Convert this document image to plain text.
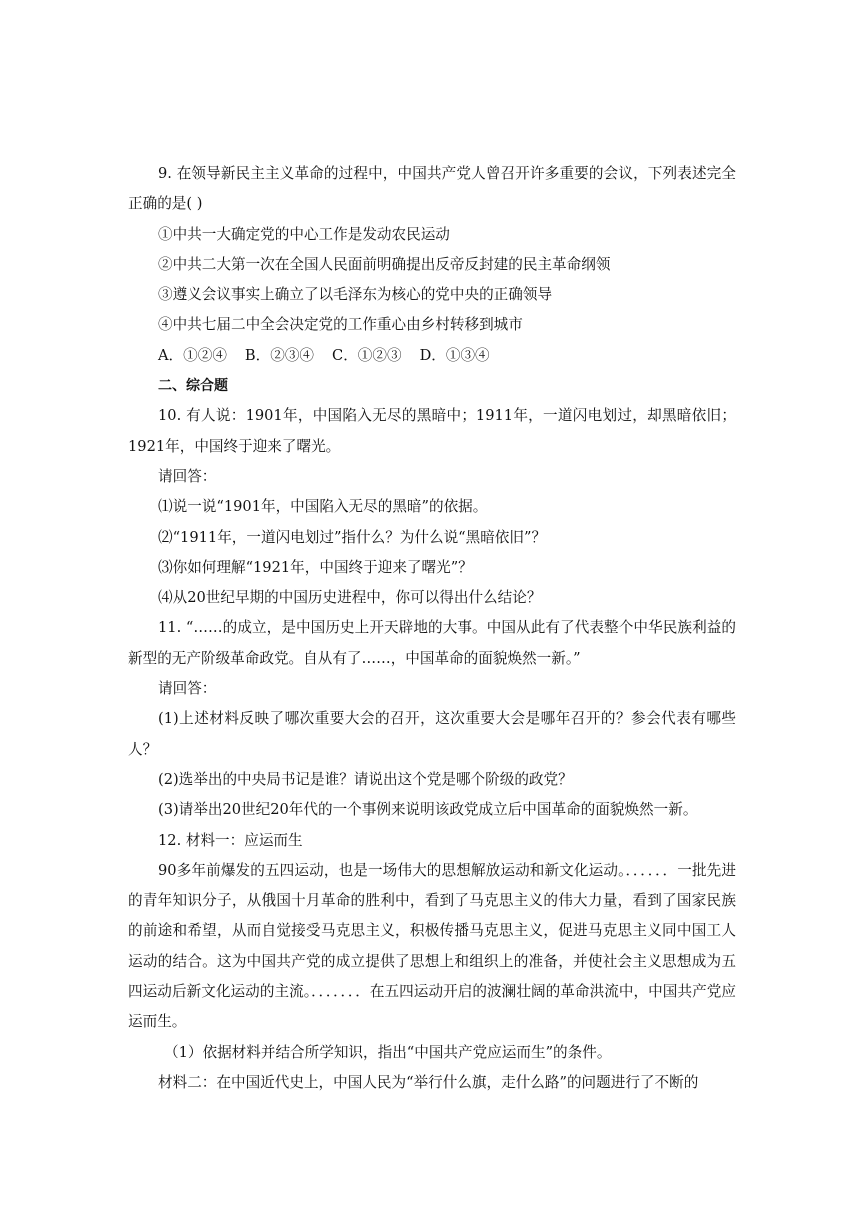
9. 在领导新民主主义革命的过程中，中国共产党人曾召开许多重要的会议，下列表述完全正确的是( )

①中共一大确定党的中心工作是发动农民运动

②中共二大第一次在全国人民面前明确提出反帝反封建的民主革命纲领

③遵义会议事实上确立了以毛泽东为核心的党中央的正确领导

④中共七届二中全会决定党的工作重心由乡村转移到城市

A．①②④ B．②③④ C．①②③ D．①③④

二、综合题

10. 有人说：1901年，中国陷入无尽的黑暗中；1911年，一道闪电划过，却黑暗依旧；1921年，中国终于迎来了曙光。

请回答：

⑴说一说“1901年，中国陷入无尽的黑暗”的依据。

⑵“1911年，一道闪电划过”指什么？为什么说“黑暗依旧”？

⑶你如何理解“1921年，中国终于迎来了曙光”？

⑷从20世纪早期的中国历史进程中，你可以得出什么结论？

11. “……的成立，是中国历史上开天辟地的大事。中国从此有了代表整个中华民族利益的新型的无产阶级革命政党。自从有了……，中国革命的面貌焕然一新。”

请回答：

(1)上述材料反映了哪次重要大会的召开，这次重要大会是哪年召开的？参会代表有哪些人？

(2)选举出的中央局书记是谁？请说出这个党是哪个阶级的政党？

(3)请举出20世纪20年代的一个事例来说明该政党成立后中国革命的面貌焕然一新。

12. 材料一：应运而生

90多年前爆发的五四运动，也是一场伟大的思想解放运动和新文化运动。．．．．．．一批先进的青年知识分子，从俄国十月革命的胜利中，看到了马克思主义的伟大力量，看到了国家民族的前途和希望，从而自觉接受马克思主义，积极传播马克思主义，促进马克思主义同中国工人运动的结合。这为中国共产党的成立提供了思想上和组织上的准备，并使社会主义思想成为五四运动后新文化运动的主流。．．．．．．．在五四运动开启的波澜壮阔的革命洪流中，中国共产党应运而生。

（1）依据材料并结合所学知识，指出“中国共产党应运而生”的条件。

材料二：在中国近代史上，中国人民为“举行什么旗，走什么路”的问题进行了不断的
